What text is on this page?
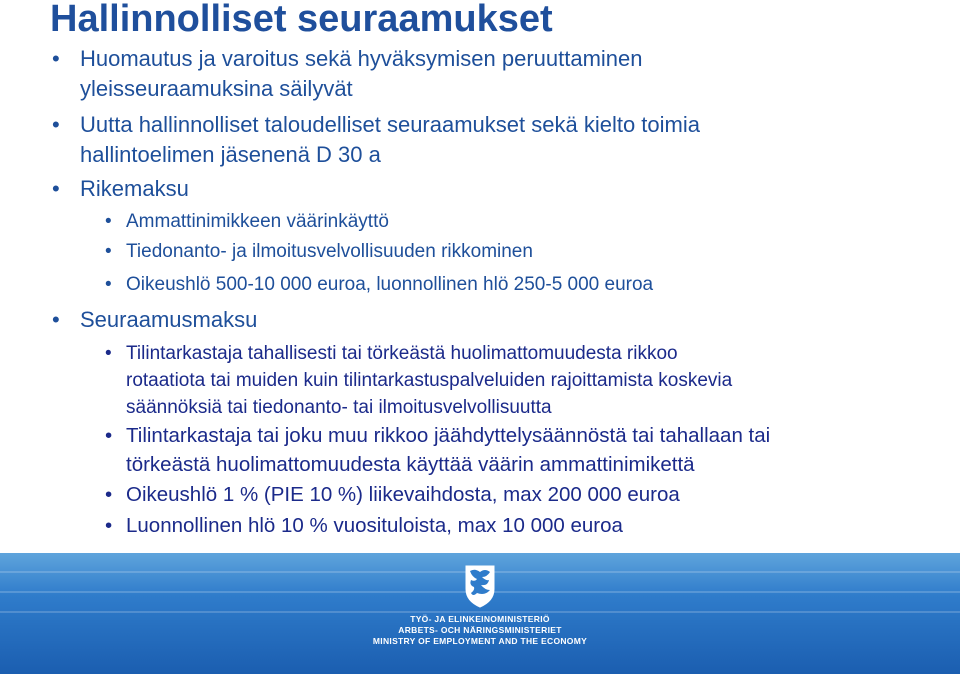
Hallinnolliset seuraamukset
• Huomautus ja varoitus sekä hyväksymisen peruuttaminen
yleisseuraamuksina säilyvät
• Uutta hallinnolliset taloudelliset seuraamukset sekä kielto toimia
hallintoelimen jäsenenä D 30 a
• Rikemaksu
• Ammattinimikkeen väärinkäyttö
• Tiedonanto- ja ilmoitusvelvollisuuden rikkominen
• Oikeushlö 500-10 000 euroa, luonnollinen hlö 250-5 000 euroa
• Seuraamusmaksu
• Tilintarkastaja tahallisesti tai törkeästä huolimattomuudesta rikkoo
rotaatiota tai muiden kuin tilintarkastuspalveluiden rajoittamista koskevia
säännöksiä tai tiedonanto- tai ilmoitusvelvollisuutta
• Tilintarkastaja tai joku muu rikkoo jäähdyttelysäännöstä tai tahallaan tai
törkeästä huolimattomuudesta käyttää väärin ammattinimikettä
• Oikeushlö 1 % (PIE 10 %) liikevaihdosta, max 200 000 euroa
• Luonnollinen hlö 10 % vuosituloista, max 10 000 euroa
TYÖ- JA ELINKEINOMINISTERIÖ
ARBETS- OCH NÄRINGSMINISTERIET
MINISTRY OF EMPLOYMENT AND THE ECONOMY
